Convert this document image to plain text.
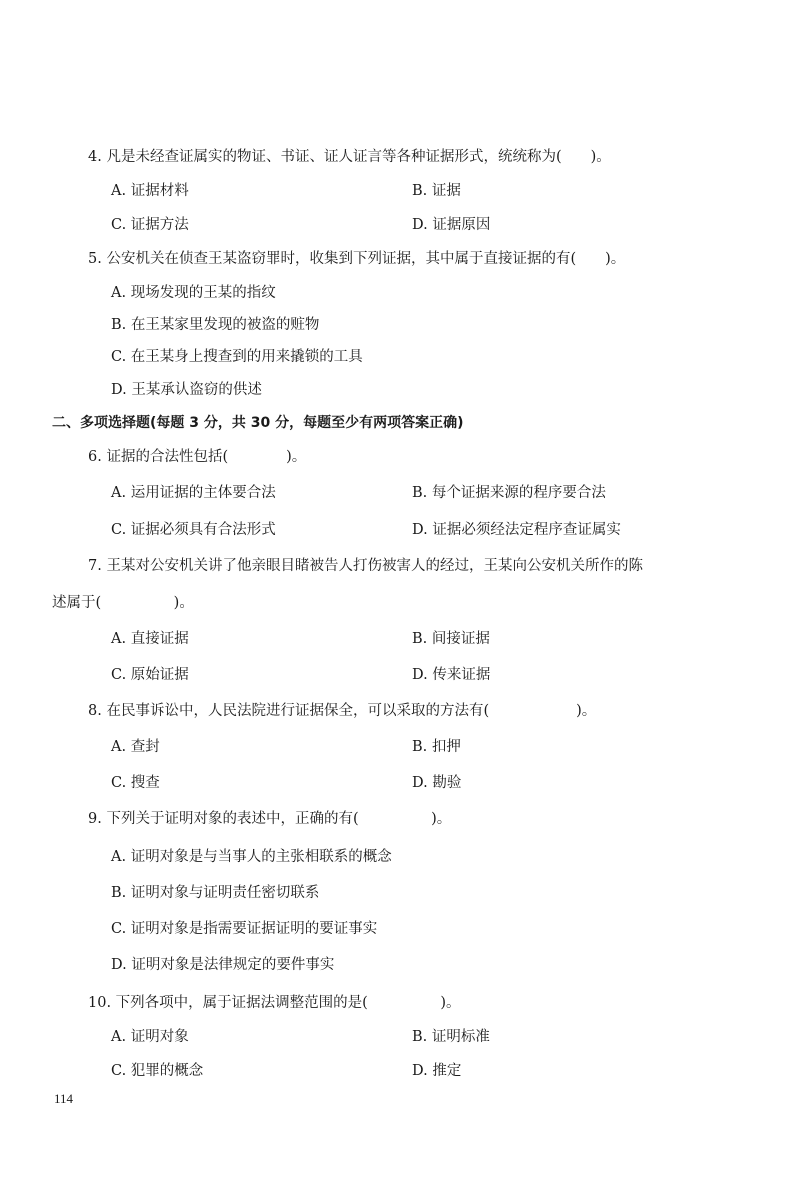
4. 凡是未经查证属实的物证、书证、证人证言等各种证据形式，统统称为(　　)。
A. 证据材料	B. 证据
C. 证据方法	D. 证据原因
5. 公安机关在侦查王某盗窃罪时，收集到下列证据，其中属于直接证据的有(　　)。
A. 现场发现的王某的指纹
B. 在王某家里发现的被盗的赃物
C. 在王某身上搜查到的用来撬锁的工具
D. 王某承认盗窃的供述
二、多项选择题(每题 3 分，共 30 分，每题至少有两项答案正确)
6. 证据的合法性包括(　　　　)。
A. 运用证据的主体要合法	B. 每个证据来源的程序要合法
C. 证据必须具有合法形式	D. 证据必须经法定程序查证属实
7. 王某对公安机关讲了他亲眼目睹被告人打伤被害人的经过，王某向公安机关所作的陈
述属于(　　　　　)。
A. 直接证据	B. 间接证据
C. 原始证据	D. 传来证据
8. 在民事诉讼中，人民法院进行证据保全，可以采取的方法有(　　　　　　)。
A. 查封	B. 扣押
C. 搜查	D. 勘验
9. 下列关于证明对象的表述中，正确的有(　　　　　)。
A. 证明对象是与当事人的主张相联系的概念
B. 证明对象与证明责任密切联系
C. 证明对象是指需要证据证明的要证事实
D. 证明对象是法律规定的要件事实
10. 下列各项中，属于证据法调整范围的是(　　　　　)。
A. 证明对象	B. 证明标准
C. 犯罪的概念	D. 推定
114
